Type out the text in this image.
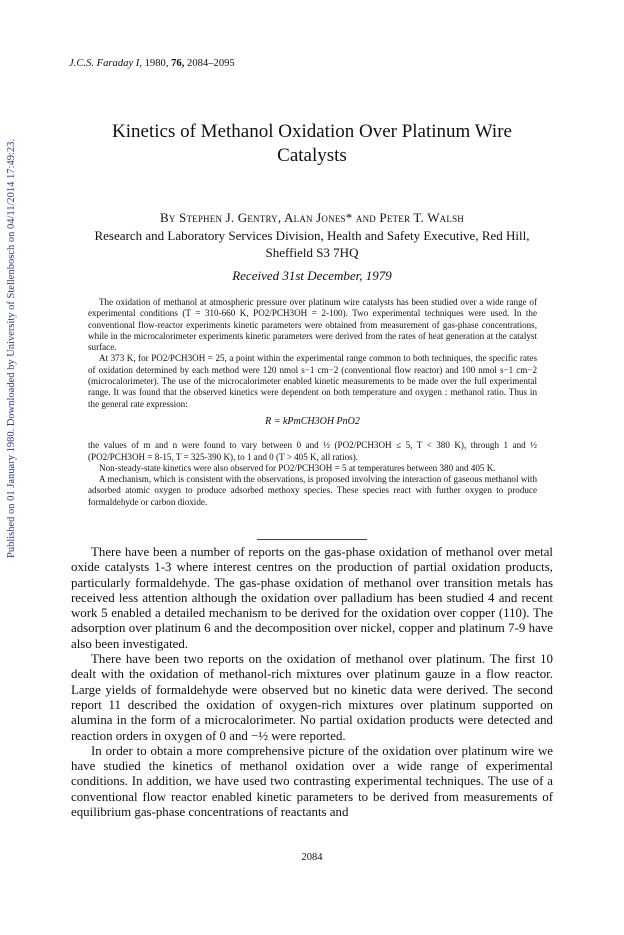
Published on 01 January 1980. Downloaded by University of Stellenbosch on 04/11/2014 17:49:23.
J.C.S. Faraday I, 1980, 76, 2084–2095
Kinetics of Methanol Oxidation Over Platinum Wire
Catalysts
By Stephen J. Gentry, Alan Jones* and Peter T. Walsh
Research and Laboratory Services Division, Health and Safety Executive, Red Hill,
Sheffield S3 7HQ
Received 31st December, 1979

The oxidation of methanol at atmospheric pressure over platinum wire catalysts has been studied over a wide range of experimental conditions (T = 310-660 K, PO2/PCH3OH = 2-100). Two experimental techniques were used. In the conventional flow-reactor experiments kinetic parameters were obtained from measurement of gas-phase concentrations, while in the microcalorimeter experiments kinetic parameters were derived from the rates of heat generation at the catalyst surface.

At 373 K, for PO2/PCH3OH = 25, a point within the experimental range common to both techniques, the specific rates of oxidation determined by each method were 120 nmol s−1 cm−2 (conventional flow reactor) and 100 nmol s−1 cm−2 (microcalorimeter). The use of the microcalorimeter enabled kinetic measurements to be made over the full experimental range. It was found that the observed kinetics were dependent on both temperature and oxygen : methanol ratio. Thus in the general rate expression:

R = kPmCH3OH PnO2

the values of m and n were found to vary between 0 and ½ (PO2/PCH3OH ≤ 5, T < 380 K), through 1 and ½ (PO2/PCH3OH = 8-15, T = 325-390 K), to 1 and 0 (T > 405 K, all ratios).

Non-steady-state kinetics were also observed for PO2/PCH3OH = 5 at temperatures between 380 and 405 K.

A mechanism, which is consistent with the observations, is proposed involving the interaction of gaseous methanol with adsorbed atomic oxygen to produce adsorbed methoxy species. These species react with further oxygen to produce formaldehyde or carbon dioxide.

There have been a number of reports on the gas-phase oxidation of methanol over metal oxide catalysts 1-3 where interest centres on the production of partial oxidation products, particularly formaldehyde. The gas-phase oxidation of methanol over transition metals has received less attention although the oxidation over palladium has been studied 4 and recent work 5 enabled a detailed mechanism to be derived for the oxidation over copper (110). The adsorption over platinum 6 and the decomposition over nickel, copper and platinum 7-9 have also been investigated.

There have been two reports on the oxidation of methanol over platinum. The first 10 dealt with the oxidation of methanol-rich mixtures over platinum gauze in a flow reactor. Large yields of formaldehyde were observed but no kinetic data were derived. The second report 11 described the oxidation of oxygen-rich mixtures over platinum supported on alumina in the form of a microcalorimeter. No partial oxidation products were detected and reaction orders in oxygen of 0 and −½ were reported.

In order to obtain a more comprehensive picture of the oxidation over platinum wire we have studied the kinetics of methanol oxidation over a wide range of experimental conditions. In addition, we have used two contrasting experimental techniques. The use of a conventional flow reactor enabled kinetic parameters to be derived from measurements of equilibrium gas-phase concentrations of reactants and

2084
